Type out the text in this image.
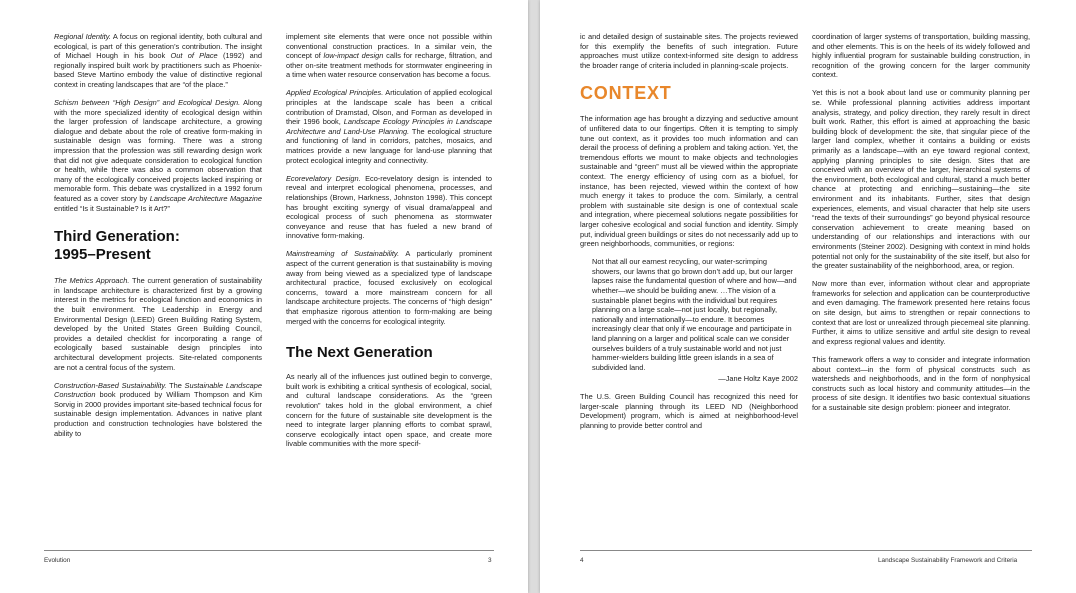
Regional Identity. A focus on regional identity, both cultural and ecological, is part of this generation’s contribution. The insight of Michael Hough in his book Out of Place (1992) and regionally inspired built work by practitioners such as Phoenix-based Steve Martino embody the value of distinctive regional context in creating landscapes that are “of the place.”

Schism between “High Design” and Ecological Design. Along with the more specialized identity of ecological design within the larger profession of landscape architecture, a growing dialogue and debate about the role of creative form-making in sustainable design was forming. There was a strong impression that the profession was still rewarding design work that did not give adequate consideration to ecological function or health, while there was also a common observation that many of the ecologically conceived projects lacked inspiring or memorable form. This debate was crystallized in a 1992 forum featured as a cover story by Landscape Architecture Magazine entitled “Is it Sustainable? Is it Art?”

Third Generation:
1995–Present

The Metrics Approach. The current generation of sustainability in landscape architecture is characterized first by a growing interest in the metrics for ecological function and economics in the built environment. The Leadership in Energy and Environmental Design (LEED) Green Building Rating System, developed by the United States Green Building Council, provides a detailed checklist for incorporating a range of ecologically based sustainable design principles into architectural development projects. Site-related components are not a central focus of the system.

Construction-Based Sustainability. The Sustainable Landscape Construction book produced by William Thompson and Kim Sorvig in 2000 provides important site-based technical focus for sustainable design implementation. Advances in native plant production and construction technologies have bolstered the ability to

implement site elements that were once not possible within conventional construction practices. In a similar vein, the concept of low-impact design calls for recharge, filtration, and other on-site treatment methods for stormwater engineering in a time when water resource conservation has become a focus.

Applied Ecological Principles. Articulation of applied ecological principles at the landscape scale has been a critical contribution of Dramstad, Olson, and Forman as developed in their 1996 book, Landscape Ecology Principles in Landscape Architecture and Land-Use Planning. The ecological structure and functioning of land in corridors, patches, mosaics, and matrices provide a new language for land-use planning that protect ecological integrity and connectivity.

Ecorevelatory Design. Eco-revelatory design is intended to reveal and interpret ecological phenomena, processes, and relationships (Brown, Harkness, Johnston 1998). This concept has brought exciting synergy of visual drama/appeal and ecological process of such phenomena as stormwater conveyance and reuse that has fueled a new brand of innovative form-making.

Mainstreaming of Sustainability. A particularly prominent aspect of the current generation is that sustainability is moving away from being viewed as a specialized type of landscape architectural practice, focused exclusively on ecological concerns, toward a more mainstream concern for all landscape architecture projects. The concerns of “high design” that emphasize rigorous attention to form-making are being merged with the concerns for ecological integrity.

The Next Generation

As nearly all of the influences just outlined begin to converge, built work is exhibiting a critical synthesis of ecological, social, and cultural landscape considerations. As the “green revolution” takes hold in the global environment, a chief concern for the future of sustainable site development is the need to integrate larger planning efforts to combat sprawl, conserve ecologically intact open space, and create more livable communities with the more specif-

Evolution	3

ic and detailed design of sustainable sites. The projects reviewed for this exemplify the benefits of such integration. Future approaches must utilize context-informed site design to address the broader range of criteria included in planning-scale projects.

CONTEXT

The information age has brought a dizzying and seductive amount of unfiltered data to our fingertips. Often it is tempting to simply tune out context, as it provides too much information and can derail the process of defining a problem and taking action. Yet, the tremendous efforts we mount to make objects and technologies sustainable and “green” must all be viewed within the appropriate context. The energy efficiency of using corn as a biofuel, for instance, has been rejected, viewed within the context of how much energy it takes to produce the corn. Similarly, a central problem with sustainable site design is one of contextual scale and integration, where piecemeal solutions negate possibilities for larger cohesive ecological and social function and identity. Simply put, individual green buildings or sites do not necessarily add up to green neighborhoods, communities, or regions:

Not that all our earnest recycling, our water-scrimping showers, our lawns that go brown don’t add up, but our larger lapses raise the fundamental question of where and how—and whether—we should be building anew. …The vision of a sustainable planet begins with the individual but requires planning on a large scale—not just locally, but regionally, nationally and internationally—to endure. It becomes increasingly clear that only if we encourage and participate in land planning on a larger and political scale can we consider ourselves builders of a truly sustainable world and not just hammer-wielders building little green islands in a sea of subdivided land.
—Jane Holtz Kaye 2002

The U.S. Green Building Council has recognized this need for larger-scale planning through its LEED ND (Neighborhood Development) program, which is aimed at neighborhood-level planning to provide better control and

coordination of larger systems of transportation, building massing, and other elements. This is on the heels of its widely followed and highly influential program for sustainable building construction, in recognition of the growing concern for the larger community context.

Yet this is not a book about land use or community planning per se. While professional planning activities address important analysis, strategy, and policy direction, they rarely result in direct built work. Rather, this effort is aimed at approaching the basic building block of development: the site, that singular piece of the larger land complex, whether it contains a building or exists primarily as a landscape—with an eye toward regional context, applying planning principles to site design. Sites that are conceived with an overview of the larger, hierarchical systems of the environment, both ecological and cultural, stand a much better chance at protecting and enriching—sustaining—the site environment and its inhabitants. Further, sites that design experiences, elements, and visual character that help site users “read the texts of their surroundings” go beyond physical resource conservation achievement to create meaning based on understanding of our relationships and interactions with our environments (Steiner 2002). Designing with context in mind holds potential not only for the sustainability of the site itself, but also for the greater sustainability of the neighborhood, area, or region.

Now more than ever, information without clear and appropriate frameworks for selection and application can be counterproductive and even damaging. The framework presented here retains focus on site design, but aims to strengthen or repair connections to context that are lost or unrealized through piecemeal site planning. Further, it aims to utilize sensitive and artful site design to reveal and express regional values and identity.

This framework offers a way to consider and integrate information about context—in the form of physical constructs such as watersheds and neighborhoods, and in the form of nonphysical constructs such as local history and community attitudes—in the process of site design. It identifies two basic contextual situations for a sustainable site design problem: pioneer and integrator.

4	Landscape Sustainability Framework and Criteria
